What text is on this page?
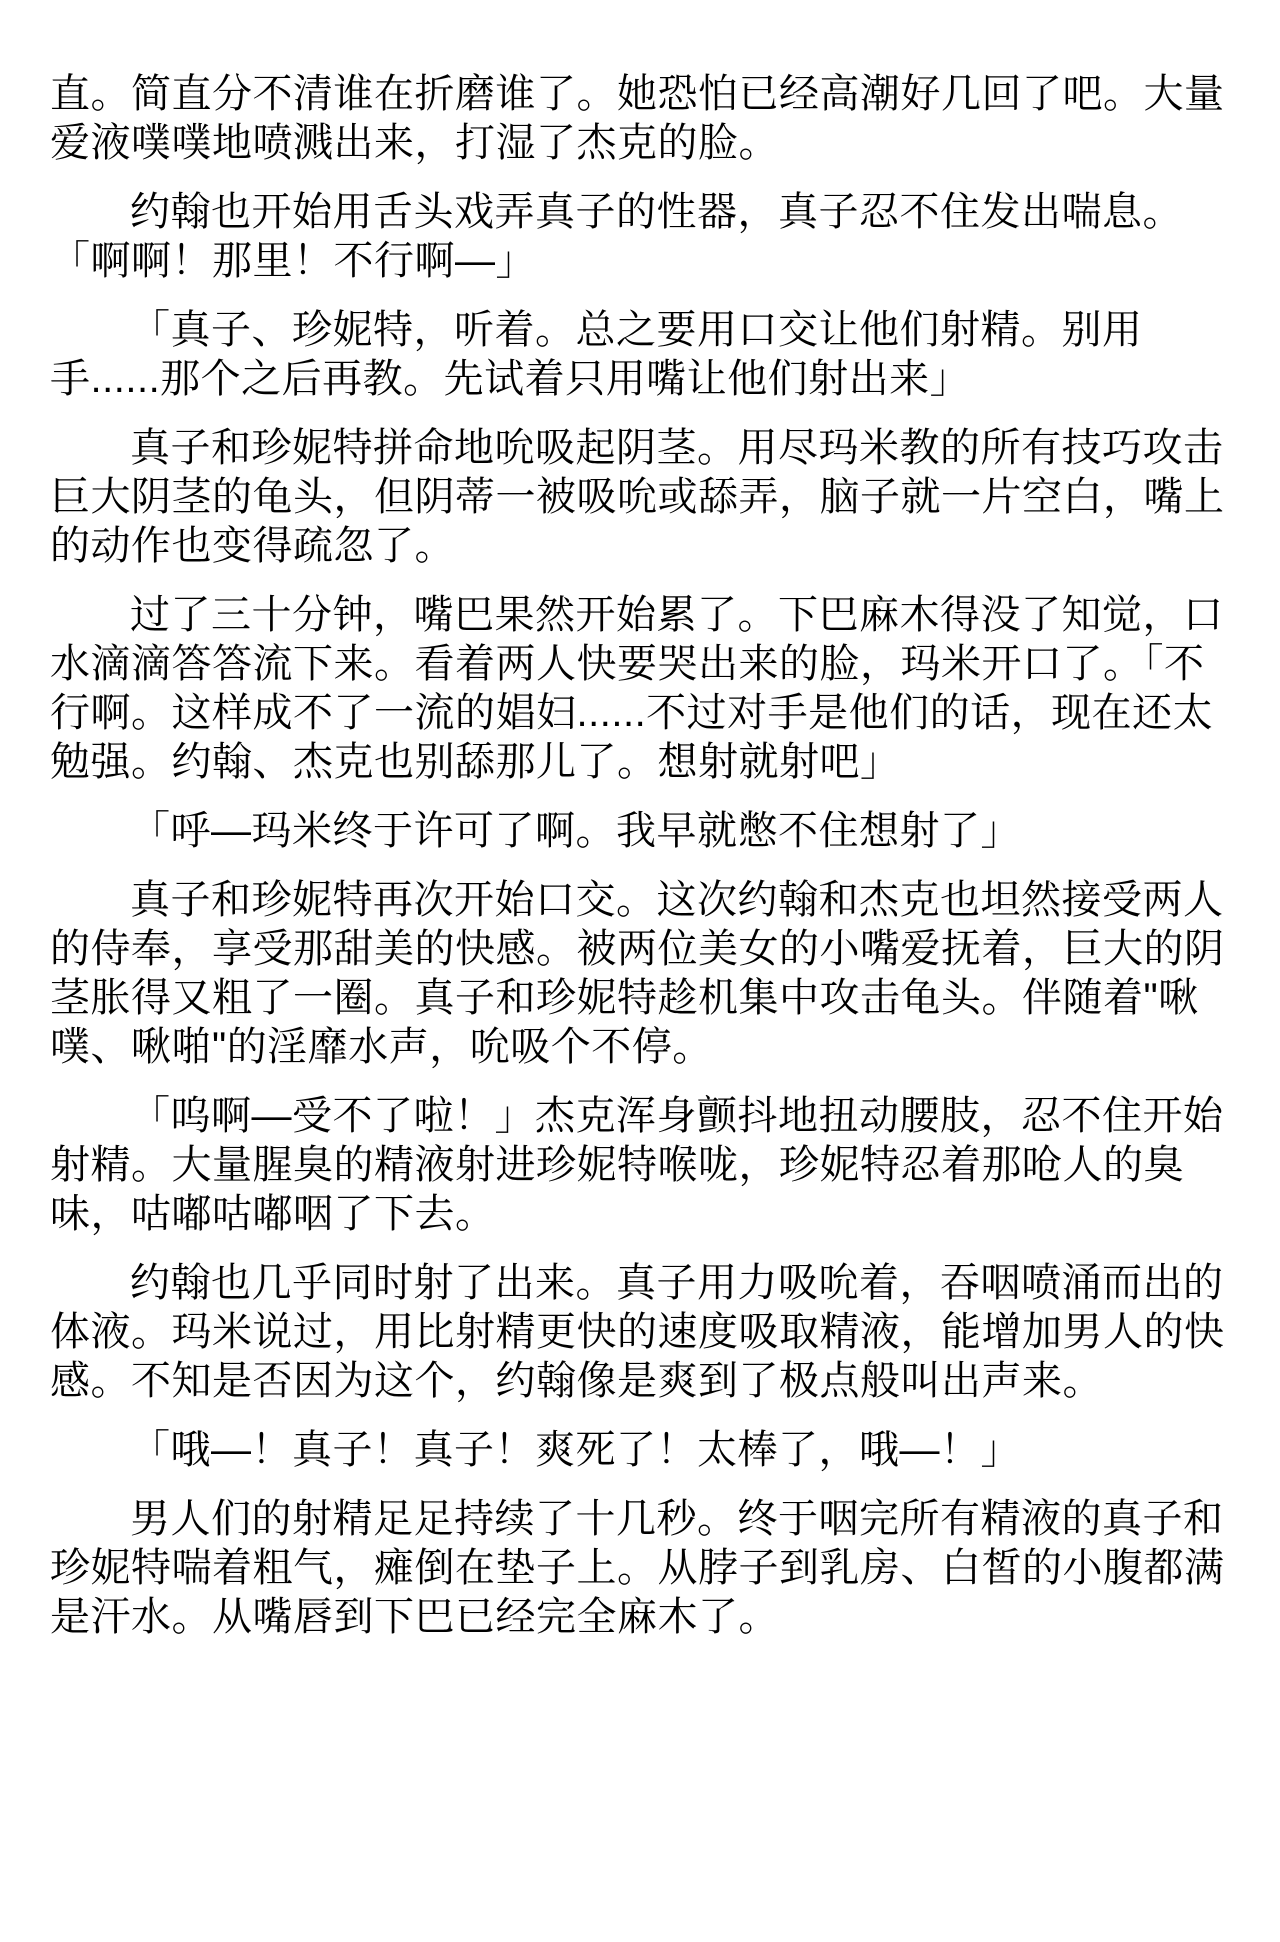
直。简直分不清谁在折磨谁了。她恐怕已经高潮好几回了吧。大量
爱液噗噗地喷溅出来，打湿了杰克的脸。
约翰也开始用舌头戏弄真子的性器，真子忍不住发出喘息。
「啊啊！那里！不行啊—」
「真子、珍妮特，听着。总之要用口交让他们射精。别用
手......那个之后再教。先试着只用嘴让他们射出来」
真子和珍妮特拼命地吮吸起阴茎。用尽玛米教的所有技巧攻击
巨大阴茎的龟头，但阴蒂一被吸吮或舔弄，脑子就一片空白，嘴上
的动作也变得疏忽了。
过了三十分钟，嘴巴果然开始累了。下巴麻木得没了知觉，口
水滴滴答答流下来。看着两人快要哭出来的脸，玛米开口了。「不
行啊。这样成不了一流的娼妇......不过对手是他们的话，现在还太
勉强。约翰、杰克也别舔那儿了。想射就射吧」
「呼—玛米终于许可了啊。我早就憋不住想射了」
真子和珍妮特再次开始口交。这次约翰和杰克也坦然接受两人
的侍奉，享受那甜美的快感。被两位美女的小嘴爱抚着，巨大的阴
茎胀得又粗了一圈。真子和珍妮特趁机集中攻击龟头。伴随着"啾
噗、啾啪"的淫靡水声，吮吸个不停。
「呜啊—受不了啦！」杰克浑身颤抖地扭动腰肢，忍不住开始
射精。大量腥臭的精液射进珍妮特喉咙，珍妮特忍着那呛人的臭
味，咕嘟咕嘟咽了下去。
约翰也几乎同时射了出来。真子用力吸吮着，吞咽喷涌而出的
体液。玛米说过，用比射精更快的速度吸取精液，能增加男人的快
感。不知是否因为这个，约翰像是爽到了极点般叫出声来。
「哦—！真子！真子！爽死了！太棒了，哦—！」
男人们的射精足足持续了十几秒。终于咽完所有精液的真子和
珍妮特喘着粗气，瘫倒在垫子上。从脖子到乳房、白皙的小腹都满
是汗水。从嘴唇到下巴已经完全麻木了。
